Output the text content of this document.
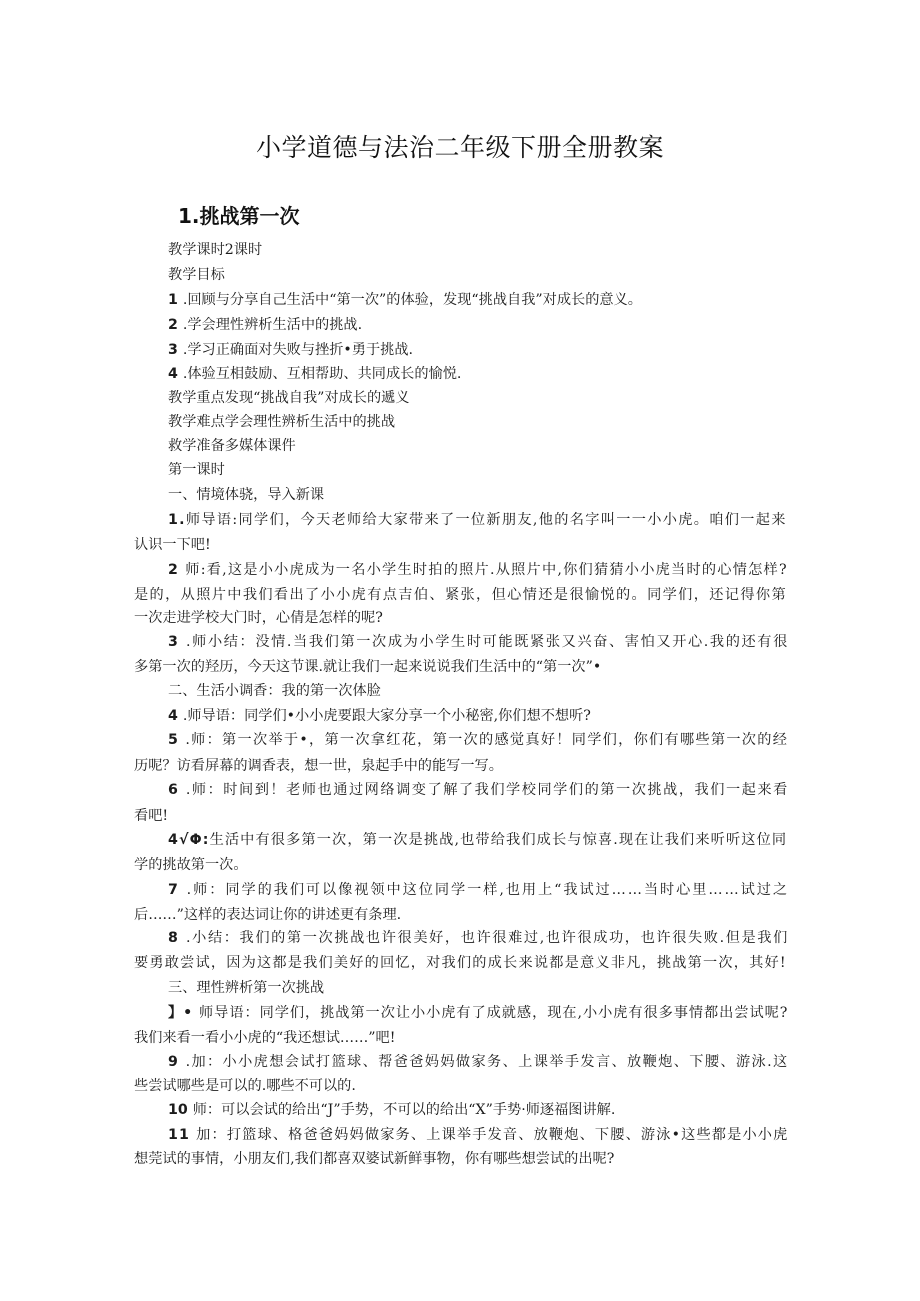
小学道德与法治二年级下册全册教案
1.挑战第一次
教学课时2课时
教学目标
1 .回顾与分享自己生活中“第一次”的体验，发现“挑战自我”对成长的意义。
2 .学会理性辨析生活中的挑战.
3 .学习正确面对失败与挫折•勇于挑战.
4 .体验互相鼓励、互相帮助、共同成长的愉悦.
教学重点发现“挑战自我”对成长的遞义
教学难点学会理性辨析生活中的挑战
救学准备多媒体课件
第一课时
一、情境体骁，导入新课
1.师导语:同学们，今天老师给大家带来了一位新朋友,他的名字叫一一小小虎。咱们一起来
认识一下吧!
2 师:看,这是小小虎成为一名小学生时拍的照片.从照片中,你们猜猜小小虎当时的心情怎样?
是的，从照片中我们看出了小小虎有点吉伯、紧张，但心情还是很愉悦的。同学们，还记得你第
一次走进学校大门时，心倩是怎样的呢?
3 .师小结：没情.当我们第一次成为小学生时可能既紧张又兴奋、害怕又开心.我的还有很
多第一次的羟历，今天这节课.就让我们一起来说说我们生活中的“第一次”•
二、生活小调香：我的第一次体脸
4 .师导语：同学们•小小虎要跟大家分享一个小秘密,你们想不想听?
5 .师：第一次举于•，第一次拿红花，第一次的感觉真好！同学们，你们有哪些第一次的经
历呢？访看屏幕的调香表，想一世，泉起手中的能写一写。
6 .师：时间到！老师也通过网络调变了解了我们学校同学们的第一次挑战，我们一起来看
看吧!
4√Φ:生活中有很多第一次，第一次是挑战,也带给我们成长与惊喜.现在让我们来听听这位同
学的挑故第一次。
7 .师：同学的我们可以像视领中这位同学一样,也用上“我试过……当时心里……试过之
后……”这样的表达词让你的讲述更有条理.
8 .小结：我们的第一次挑战也许很美好，也许很难过,也许很成功，也许很失败.但是我们
要勇敢尝试，因为这都是我们美好的回忆，对我们的成长来说都是意义非凡，挑战第一次，其好!
三、理性辨析第一次挑战
】• 师导语：同学们，挑战第一次让小小虎有了成就感，现在,小小虎有很多事情都出尝试呢?
我们来看一看小小虎的“我还想试……”吧!
9 .加：小小虎想会试打篮球、帮爸爸妈妈做家务、上课举手发言、放鞭炮、下腰、游泳.这
些尝试哪些是可以的.哪些不可以的.
10 师：可以会试的给出“J”手势，不可以的给出“X”手势·师逐福图讲解.
11 加：打篮球、格爸爸妈妈做家务、上课举手发音、放鞭炮、下腰、游泳•这些都是小小虎
想莞试的事情，小朋友们,我们都喜双婆试新鲜事物，你有哪些想尝试的出呢?
